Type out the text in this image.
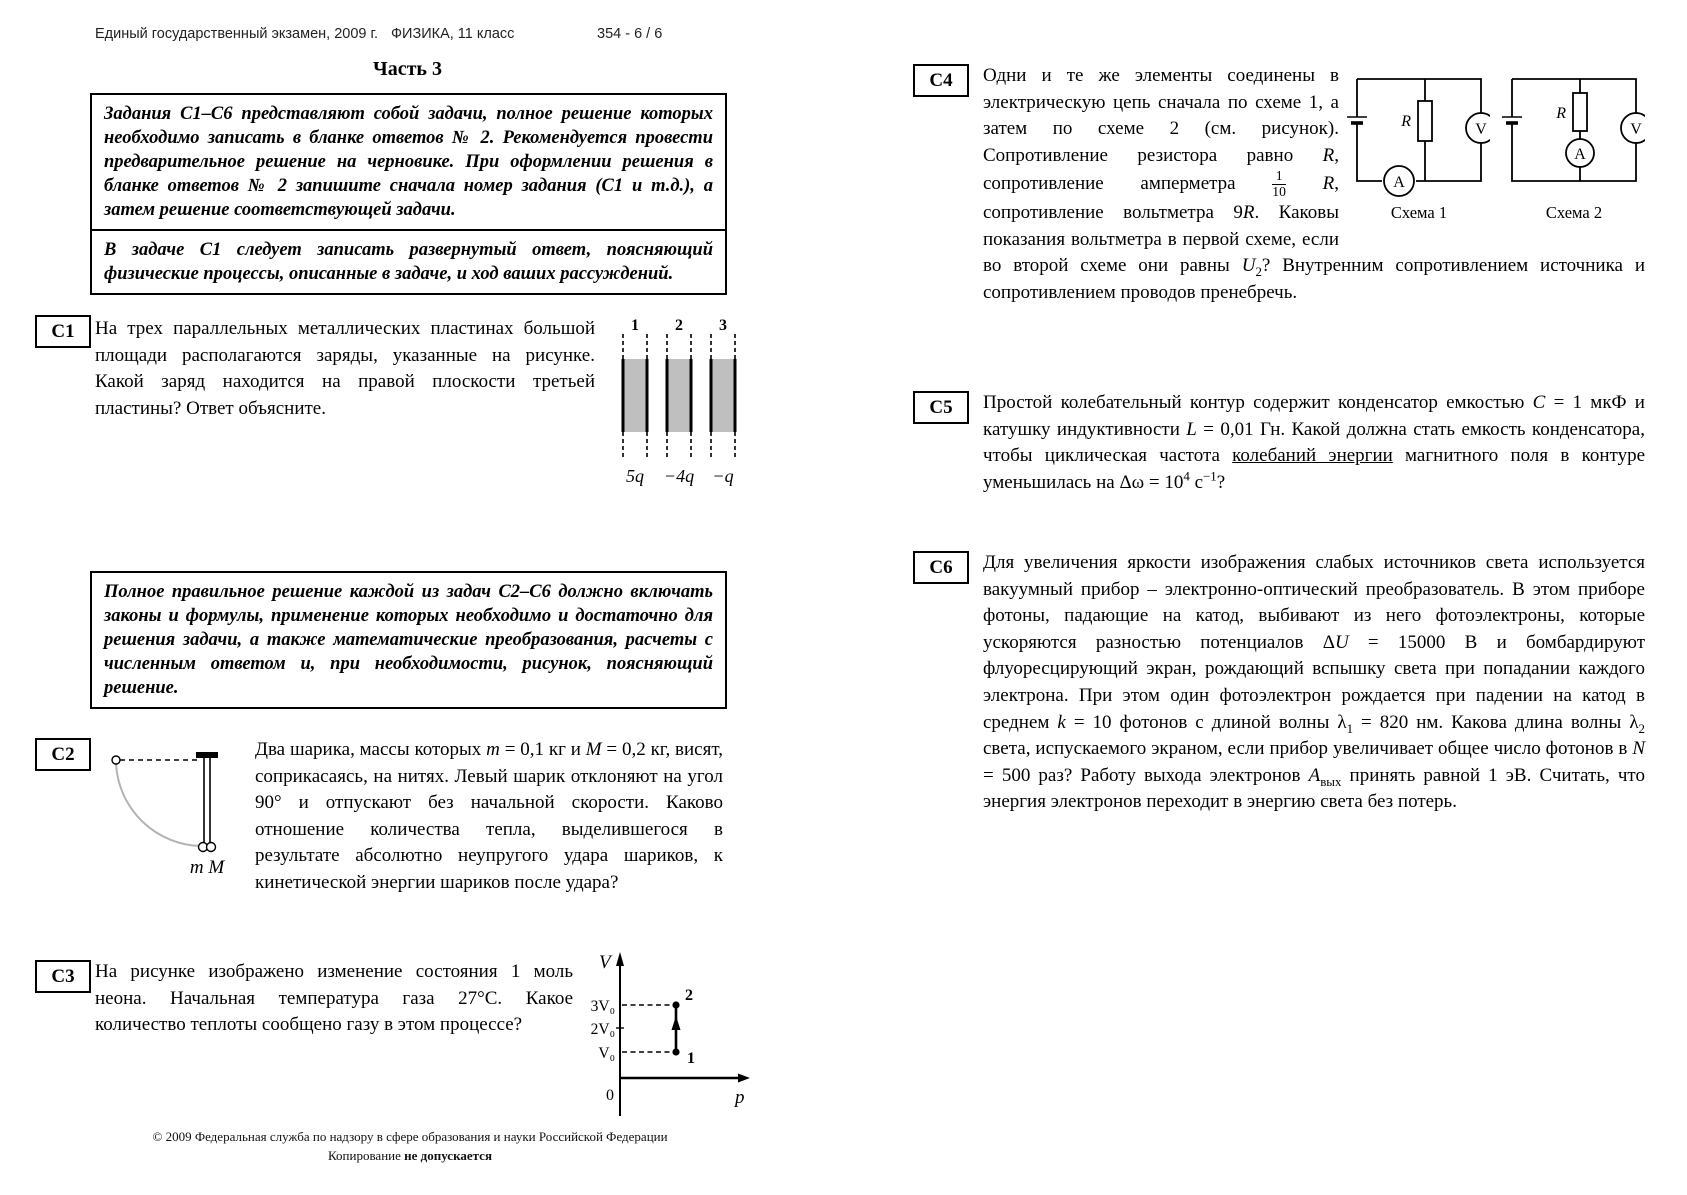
Единый государственный экзамен, 2009 г. ФИЗИКА, 11 класс	354 - 6 / 6
Часть 3
Задания С1–С6 представляют собой задачи, полное решение которых необходимо записать в бланке ответов № 2. Рекомендуется провести предварительное решение на черновике. При оформлении решения в бланке ответов № 2 запишите сначала номер задания (С1 и т.д.), а затем решение соответствующей задачи.
В задаче С1 следует записать развернутый ответ, поясняющий физические процессы, описанные в задаче, и ход ваших рассуждений.
Полное правильное решение каждой из задач С2–С6 должно включать законы и формулы, применение которых необходимо и достаточно для решения задачи, а также математические преобразования, расчеты с численным ответом и, при необходимости, рисунок, поясняющий решение.
С1	На трех параллельных металлических пластинах большой площади располагаются заряды, указанные на рисунке. Какой заряд находится на правой плоскости третьей пластины? Ответ объясните.
1
5q
2
−4q
3
−q
С2
m M
Два шарика, массы которых m = 0,1 кг и M = 0,2 кг, висят, соприкасаясь, на нитях. Левый шарик отклоняют на угол 90° и отпускают без начальной скорости. Каково отношение количества тепла, выделившегося в результате абсолютно неупругого удара шариков, к кинетической энергии шариков после удара?
С3	На рисунке изображено изменение состояния 1 моль неона. Начальная температура газа 27°С. Какое количество теплоты сообщено газу в этом процессе?
3V₀
2V₀
V₀	1
2
V
p
0
© 2009 Федеральная служба по надзору в сфере образования и науки Российской Федерации
Копирование не допускается
С4
V
A
R
Схема 1
V
A
R
Схема 2
Одни и те же элементы соединены в электрическую цепь сначала по схеме 1, а затем по схеме 2 (см. рисунок). Сопротивление резистора равно R, сопротивление амперметра $\frac{1}{10} R$, сопротивление вольтметра 9R. Каковы показания вольтметра в первой схеме, если во второй схеме они равны $U_2$? Внутренним сопротивлением источника и сопротивлением проводов пренебречь.
С5	Простой колебательный контур содержит конденсатор емкостью C = 1 мкФ и катушку индуктивности L = 0,01 Гн. Какой должна стать емкость конденсатора, чтобы циклическая частота колебаний энергии магнитного поля в контуре уменьшилась на $\Delta\omega = 10^4$ $с^{-1}$?
С6	Для увеличения яркости изображения слабых источников света используется вакуумный прибор – электронно-оптический преобразователь. В этом приборе фотоны, падающие на катод, выбивают из него фотоэлектроны, которые ускоряются разностью потенциалов ΔU = 15000 В и бомбардируют флуоресцирующий экран, рождающий вспышку света при попадании каждого электрона. При этом один фотоэлектрон рождается при падении на катод в среднем k = 10 фотонов с длиной волны $\lambda_1 = 820$ нм. Какова длина волны $\lambda_2$ света, испускаемого экраном, если прибор увеличивает общее число фотонов в N = 500 раз? Работу выхода электронов $A_{вых}$ принять равной 1 эВ. Считать, что энергия электронов переходит в энергию света без потерь.
